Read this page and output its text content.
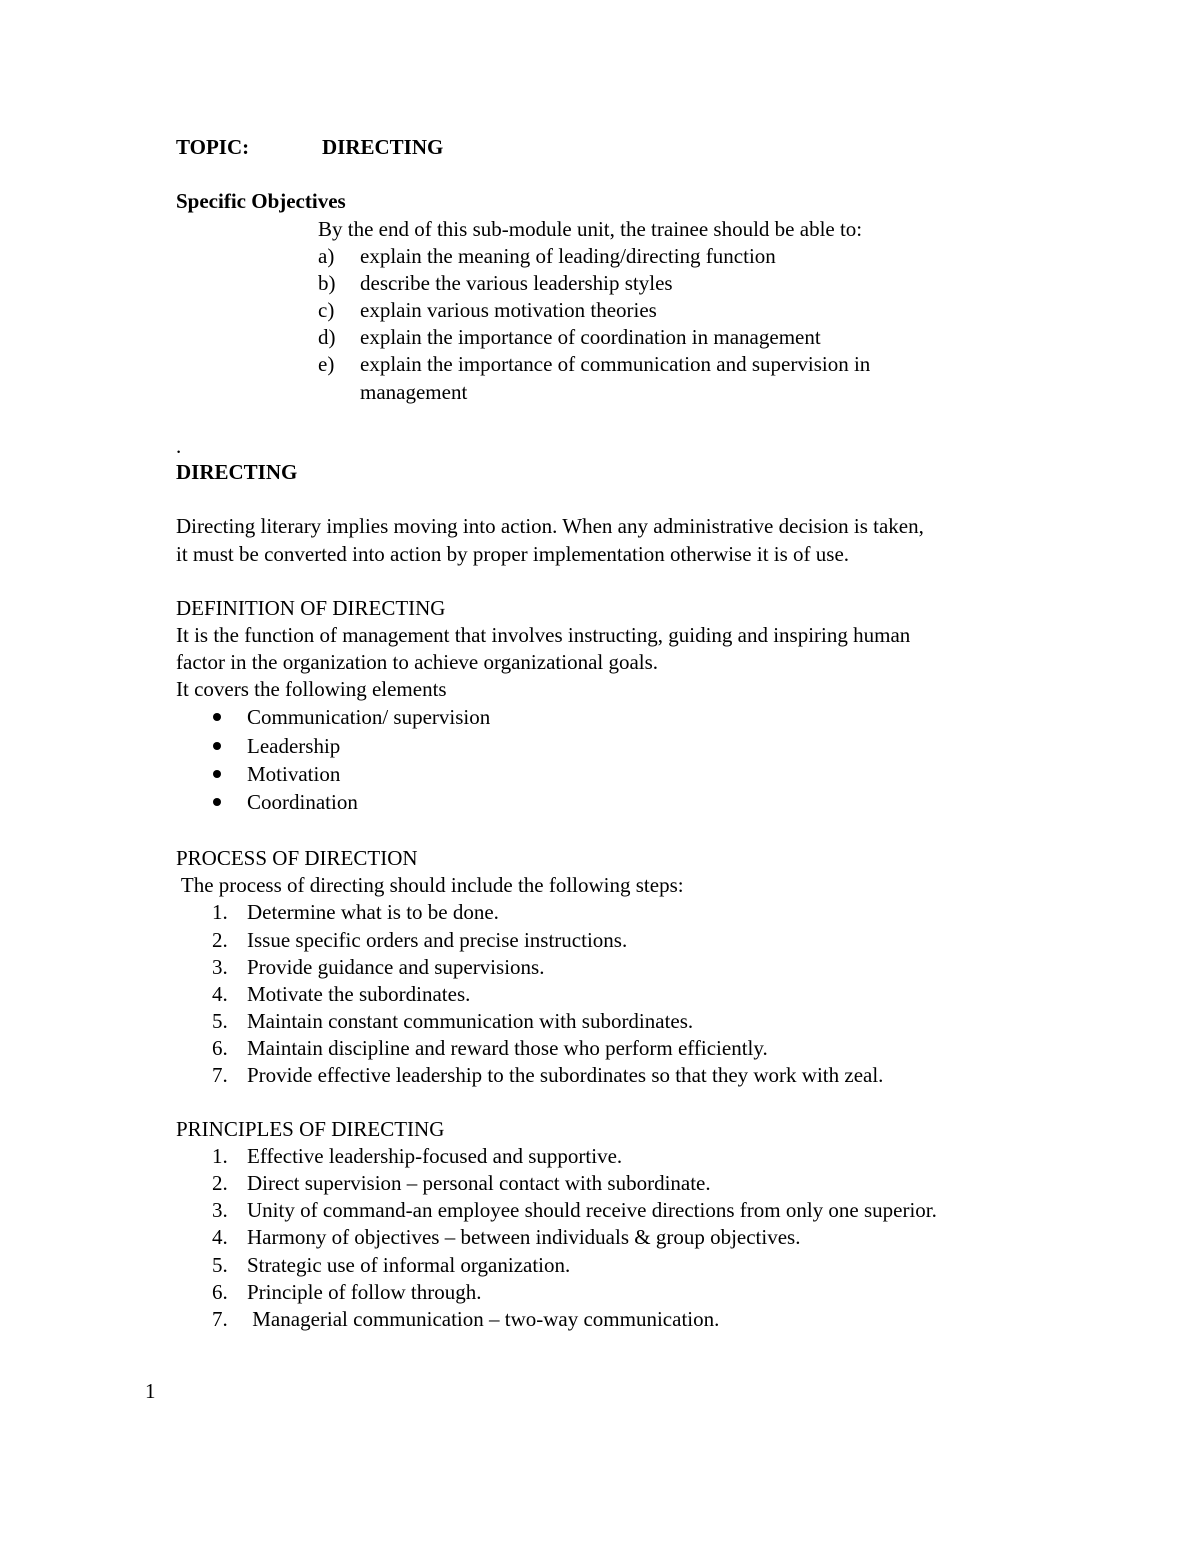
TOPIC:	DIRECTING
Specific Objectives
By the end of this sub-module unit, the trainee should be able to:
a) explain the meaning of leading/directing function
b) describe the various leadership styles
c) explain various motivation theories
d) explain the importance of coordination in management
e) explain the importance of communication and supervision in
management
.
DIRECTING
Directing literary implies moving into action. When any administrative decision is taken,
it must be converted into action by proper implementation otherwise it is of use.
DEFINITION OF DIRECTING
It is the function of management that involves instructing, guiding and inspiring human
factor in the organization to achieve organizational goals.
It covers the following elements
Communication/ supervision
Leadership
Motivation
Coordination
PROCESS OF DIRECTION
The process of directing should include the following steps:
1. Determine what is to be done.
2. Issue specific orders and precise instructions.
3. Provide guidance and supervisions.
4. Motivate the subordinates.
5. Maintain constant communication with subordinates.
6. Maintain discipline and reward those who perform efficiently.
7. Provide effective leadership to the subordinates so that they work with zeal.
PRINCIPLES OF DIRECTING
1. Effective leadership-focused and supportive.
2. Direct supervision – personal contact with subordinate.
3. Unity of command-an employee should receive directions from only one superior.
4. Harmony of objectives – between individuals & group objectives.
5. Strategic use of informal organization.
6. Principle of follow through.
7. Managerial communication – two-way communication.
1
